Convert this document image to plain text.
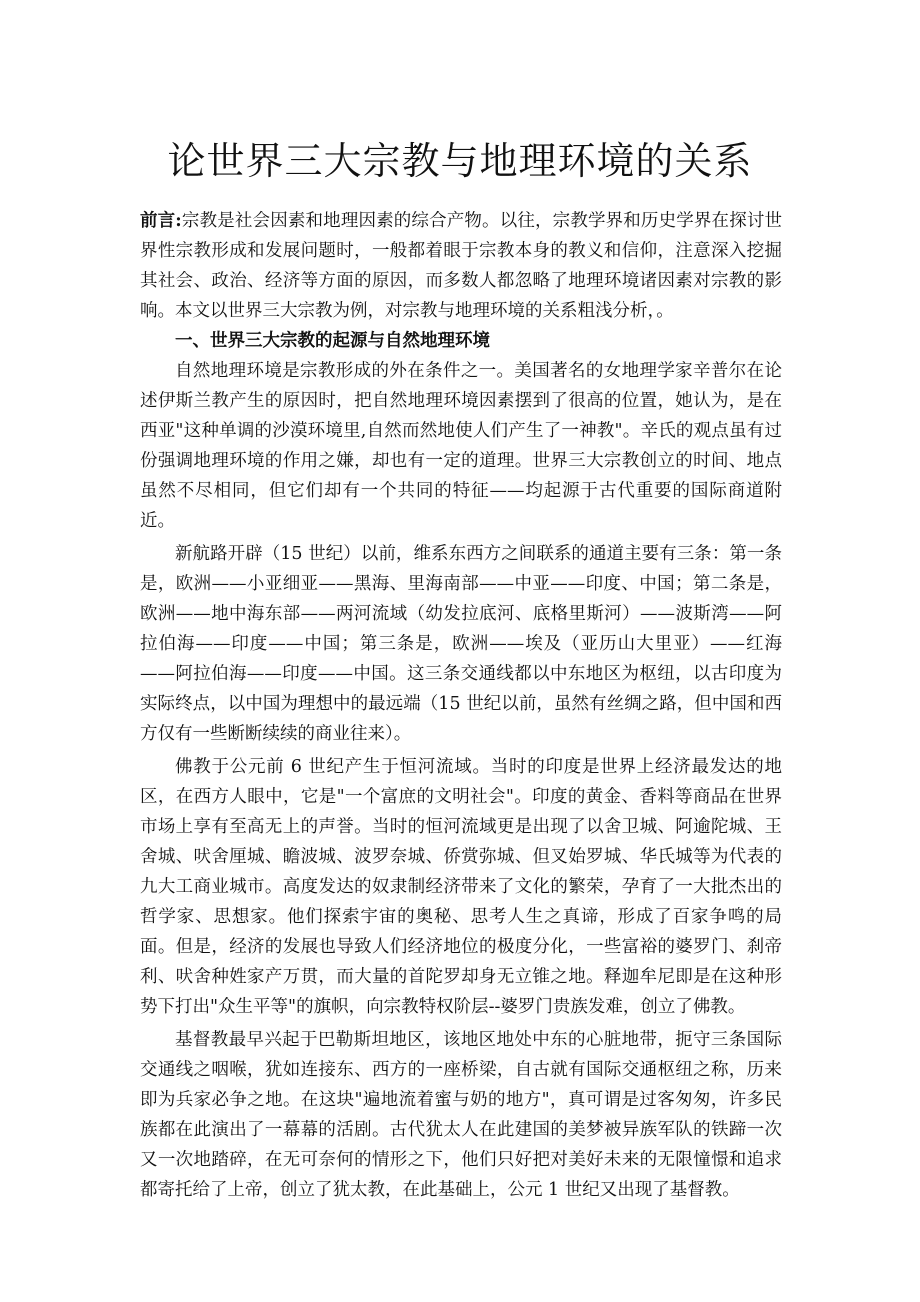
论世界三大宗教与地理环境的关系

前言:宗教是社会因素和地理因素的综合产物。以往，宗教学界和历史学界在探讨世界性宗教形成和发展问题时，一般都着眼于宗教本身的教义和信仰，注意深入挖掘其社会、政治、经济等方面的原因，而多数人都忽略了地理环境诸因素对宗教的影响。本文以世界三大宗教为例，对宗教与地理环境的关系粗浅分析，。

一、世界三大宗教的起源与自然地理环境

自然地理环境是宗教形成的外在条件之一。美国著名的女地理学家辛普尔在论述伊斯兰教产生的原因时，把自然地理环境因素摆到了很高的位置，她认为，是在西亚"这种单调的沙漠环境里,自然而然地使人们产生了一神教"。辛氏的观点虽有过份强调地理环境的作用之嫌，却也有一定的道理。世界三大宗教创立的时间、地点虽然不尽相同，但它们却有一个共同的特征——均起源于古代重要的国际商道附近。

新航路开辟（15 世纪）以前，维系东西方之间联系的通道主要有三条：第一条是，欧洲——小亚细亚——黑海、里海南部——中亚——印度、中国；第二条是，欧洲——地中海东部——两河流域（幼发拉底河、底格里斯河）——波斯湾——阿拉伯海——印度——中国；第三条是，欧洲——埃及（亚历山大里亚）——红海——阿拉伯海——印度——中国。这三条交通线都以中东地区为枢纽，以古印度为实际终点，以中国为理想中的最远端（15 世纪以前，虽然有丝绸之路，但中国和西方仅有一些断断续续的商业往来）。

佛教于公元前 6 世纪产生于恒河流域。当时的印度是世界上经济最发达的地区，在西方人眼中，它是"一个富庶的文明社会"。印度的黄金、香料等商品在世界市场上享有至高无上的声誉。当时的恒河流域更是出现了以舍卫城、阿逾陀城、王舍城、吠舍厘城、瞻波城、波罗奈城、侨赏弥城、但叉始罗城、华氏城等为代表的九大工商业城市。高度发达的奴隶制经济带来了文化的繁荣，孕育了一大批杰出的哲学家、思想家。他们探索宇宙的奥秘、思考人生之真谛，形成了百家争鸣的局面。但是，经济的发展也导致人们经济地位的极度分化，一些富裕的婆罗门、刹帝利、吠舍种姓家产万贯，而大量的首陀罗却身无立锥之地。释迦牟尼即是在这种形势下打出"众生平等"的旗帜，向宗教特权阶层--婆罗门贵族发难，创立了佛教。

基督教最早兴起于巴勒斯坦地区，该地区地处中东的心脏地带，扼守三条国际交通线之咽喉，犹如连接东、西方的一座桥梁，自古就有国际交通枢纽之称，历来即为兵家必争之地。在这块"遍地流着蜜与奶的地方"，真可谓是过客匆匆，许多民族都在此演出了一幕幕的活剧。古代犹太人在此建国的美梦被异族军队的铁蹄一次又一次地踏碎，在无可奈何的情形之下，他们只好把对美好未来的无限憧憬和追求都寄托给了上帝，创立了犹太教，在此基础上，公元 1 世纪又出现了基督教。
